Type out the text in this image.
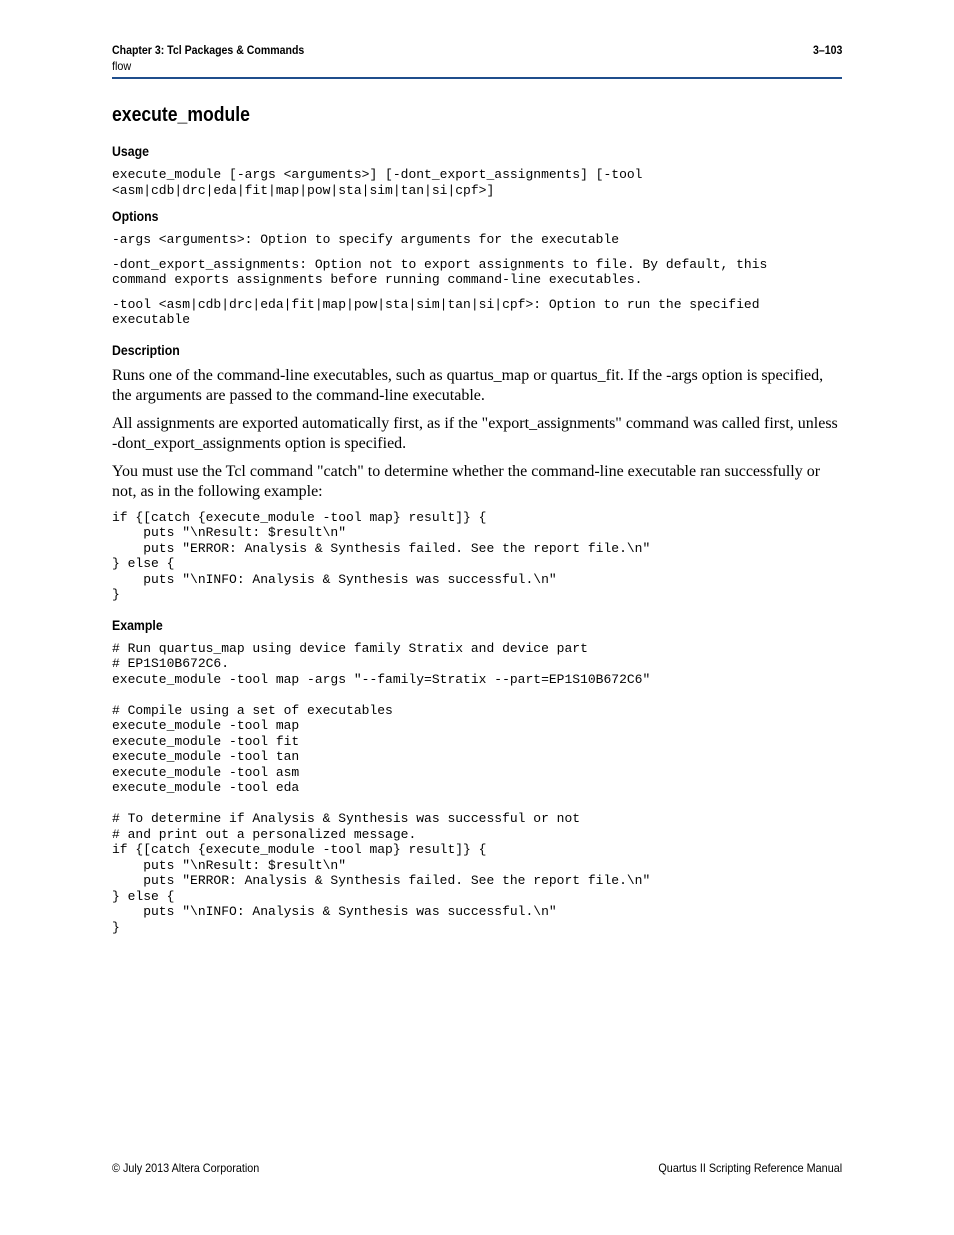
Chapter 3: Tcl Packages & Commands	3–103
flow
execute_module
Usage
execute_module [-args <arguments>] [-dont_export_assignments] [-tool
<asm|cdb|drc|eda|fit|map|pow|sta|sim|tan|si|cpf>]
Options
-args <arguments>: Option to specify arguments for the executable
-dont_export_assignments: Option not to export assignments to file. By default, this
command exports assignments before running command-line executables.
-tool <asm|cdb|drc|eda|fit|map|pow|sta|sim|tan|si|cpf>: Option to run the specified
executable
Description

Runs one of the command-line executables, such as quartus_map or quartus_fit. If the -args option is specified, the arguments are passed to the command-line executable.

All assignments are exported automatically first, as if the "export_assignments" command was called first, unless -dont_export_assignments option is specified.

You must use the Tcl command "catch" to determine whether the command-line executable ran successfully or not, as in the following example:

if {[catch {execute_module -tool map} result]} {
puts "\nResult: $result\n"
puts "ERROR: Analysis & Synthesis failed. See the report file.\n"
} else {
puts "\nINFO: Analysis & Synthesis was successful.\n"
}
Example
# Run quartus_map using device family Stratix and device part
# EP1S10B672C6.
execute_module -tool map -args "--family=Stratix --part=EP1S10B672C6"

# Compile using a set of executables
execute_module -tool map
execute_module -tool fit
execute_module -tool tan
execute_module -tool asm
execute_module -tool eda

# To determine if Analysis & Synthesis was successful or not
# and print out a personalized message.
if {[catch {execute_module -tool map} result]} {
puts "\nResult: $result\n"
puts "ERROR: Analysis & Synthesis failed. See the report file.\n"
} else {
puts "\nINFO: Analysis & Synthesis was successful.\n"
}
© July 2013 Altera Corporation	Quartus II Scripting Reference Manual
